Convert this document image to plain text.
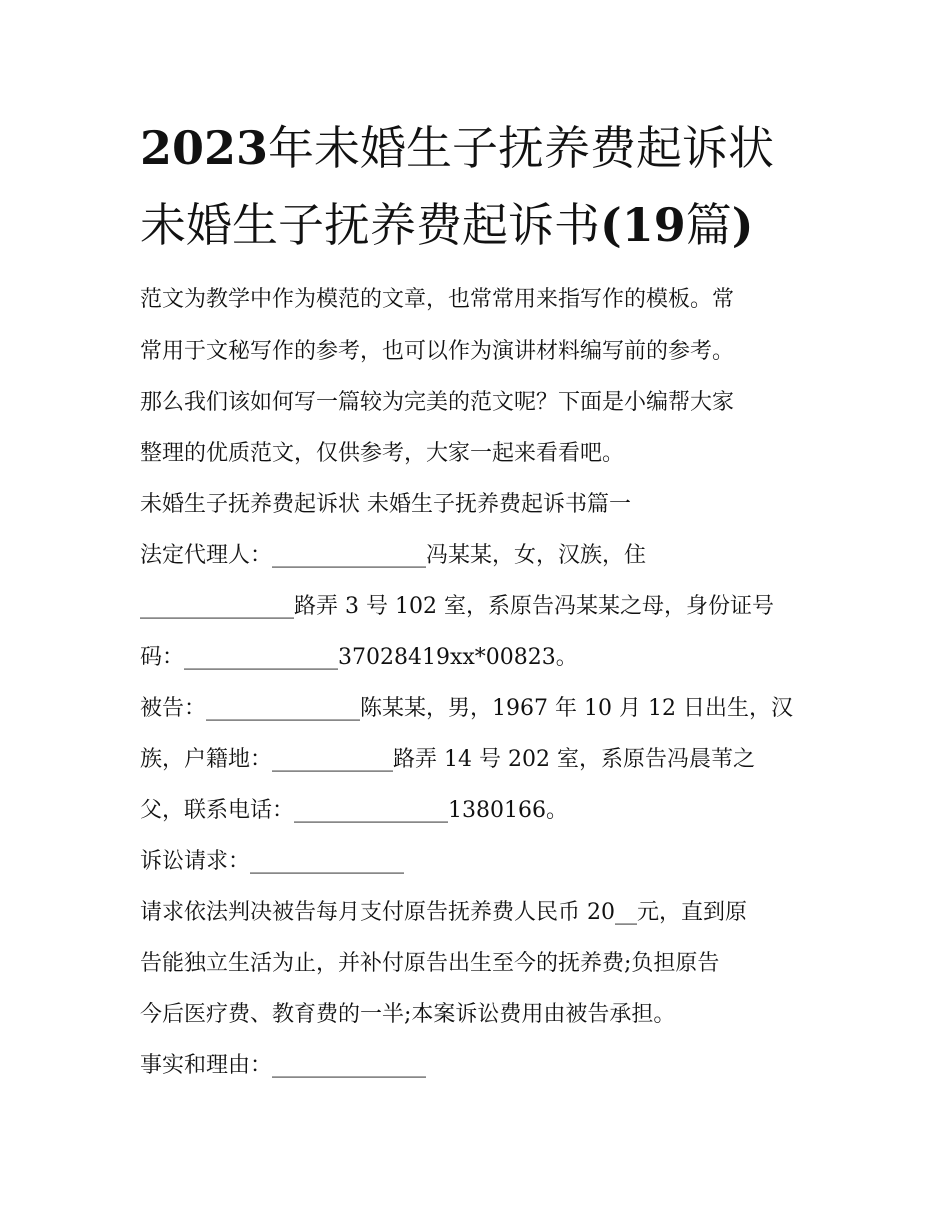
2023年未婚生子抚养费起诉状
未婚生子抚养费起诉书(19篇)
范文为教学中作为模范的文章，也常常用来指写作的模板。常
常用于文秘写作的参考，也可以作为演讲材料编写前的参考。
那么我们该如何写一篇较为完美的范文呢？下面是小编帮大家
整理的优质范文，仅供参考，大家一起来看看吧。
未婚生子抚养费起诉状 未婚生子抚养费起诉书篇一
法定代理人：______________冯某某，女，汉族，住
______________路弄 3 号 102 室，系原告冯某某之母，身份证号
码：______________37028419xx*00823。
被告：______________陈某某，男，1967 年 10 月 12 日出生，汉
族，户籍地：___________路弄 14 号 202 室，系原告冯晨苇之
父，联系电话：______________1380166。
诉讼请求：______________
请求依法判决被告每月支付原告抚养费人民币 20__元，直到原
告能独立生活为止，并补付原告出生至今的抚养费;负担原告
今后医疗费、教育费的一半;本案诉讼费用由被告承担。
事实和理由：______________
